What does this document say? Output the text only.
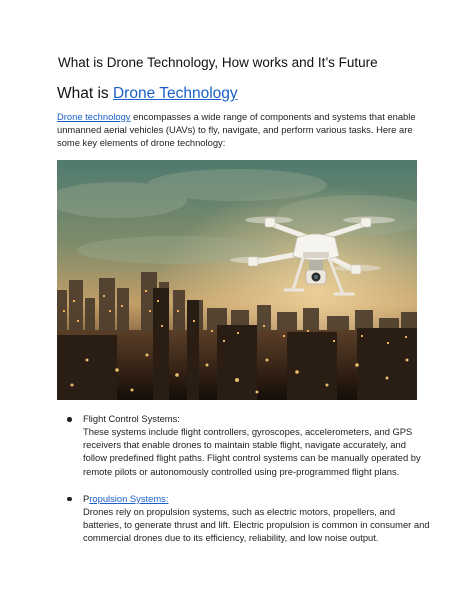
What is Drone Technology, How works and It’s Future
What is Drone Technology

Drone technology encompasses a wide range of components and systems that enable unmanned aerial vehicles (UAVs) to fly, navigate, and perform various tasks. Here are some key elements of drone technology:

Flight Control Systems:

These systems include flight controllers, gyroscopes, accelerometers, and GPS receivers that enable drones to maintain stable flight, navigate accurately, and follow predefined flight paths. Flight control systems can be manually operated by remote pilots or autonomously controlled using pre-programmed flight plans.

Propulsion Systems:

Drones rely on propulsion systems, such as electric motors, propellers, and batteries, to generate thrust and lift. Electric propulsion is common in consumer and commercial drones due to its efficiency, reliability, and low noise output.
